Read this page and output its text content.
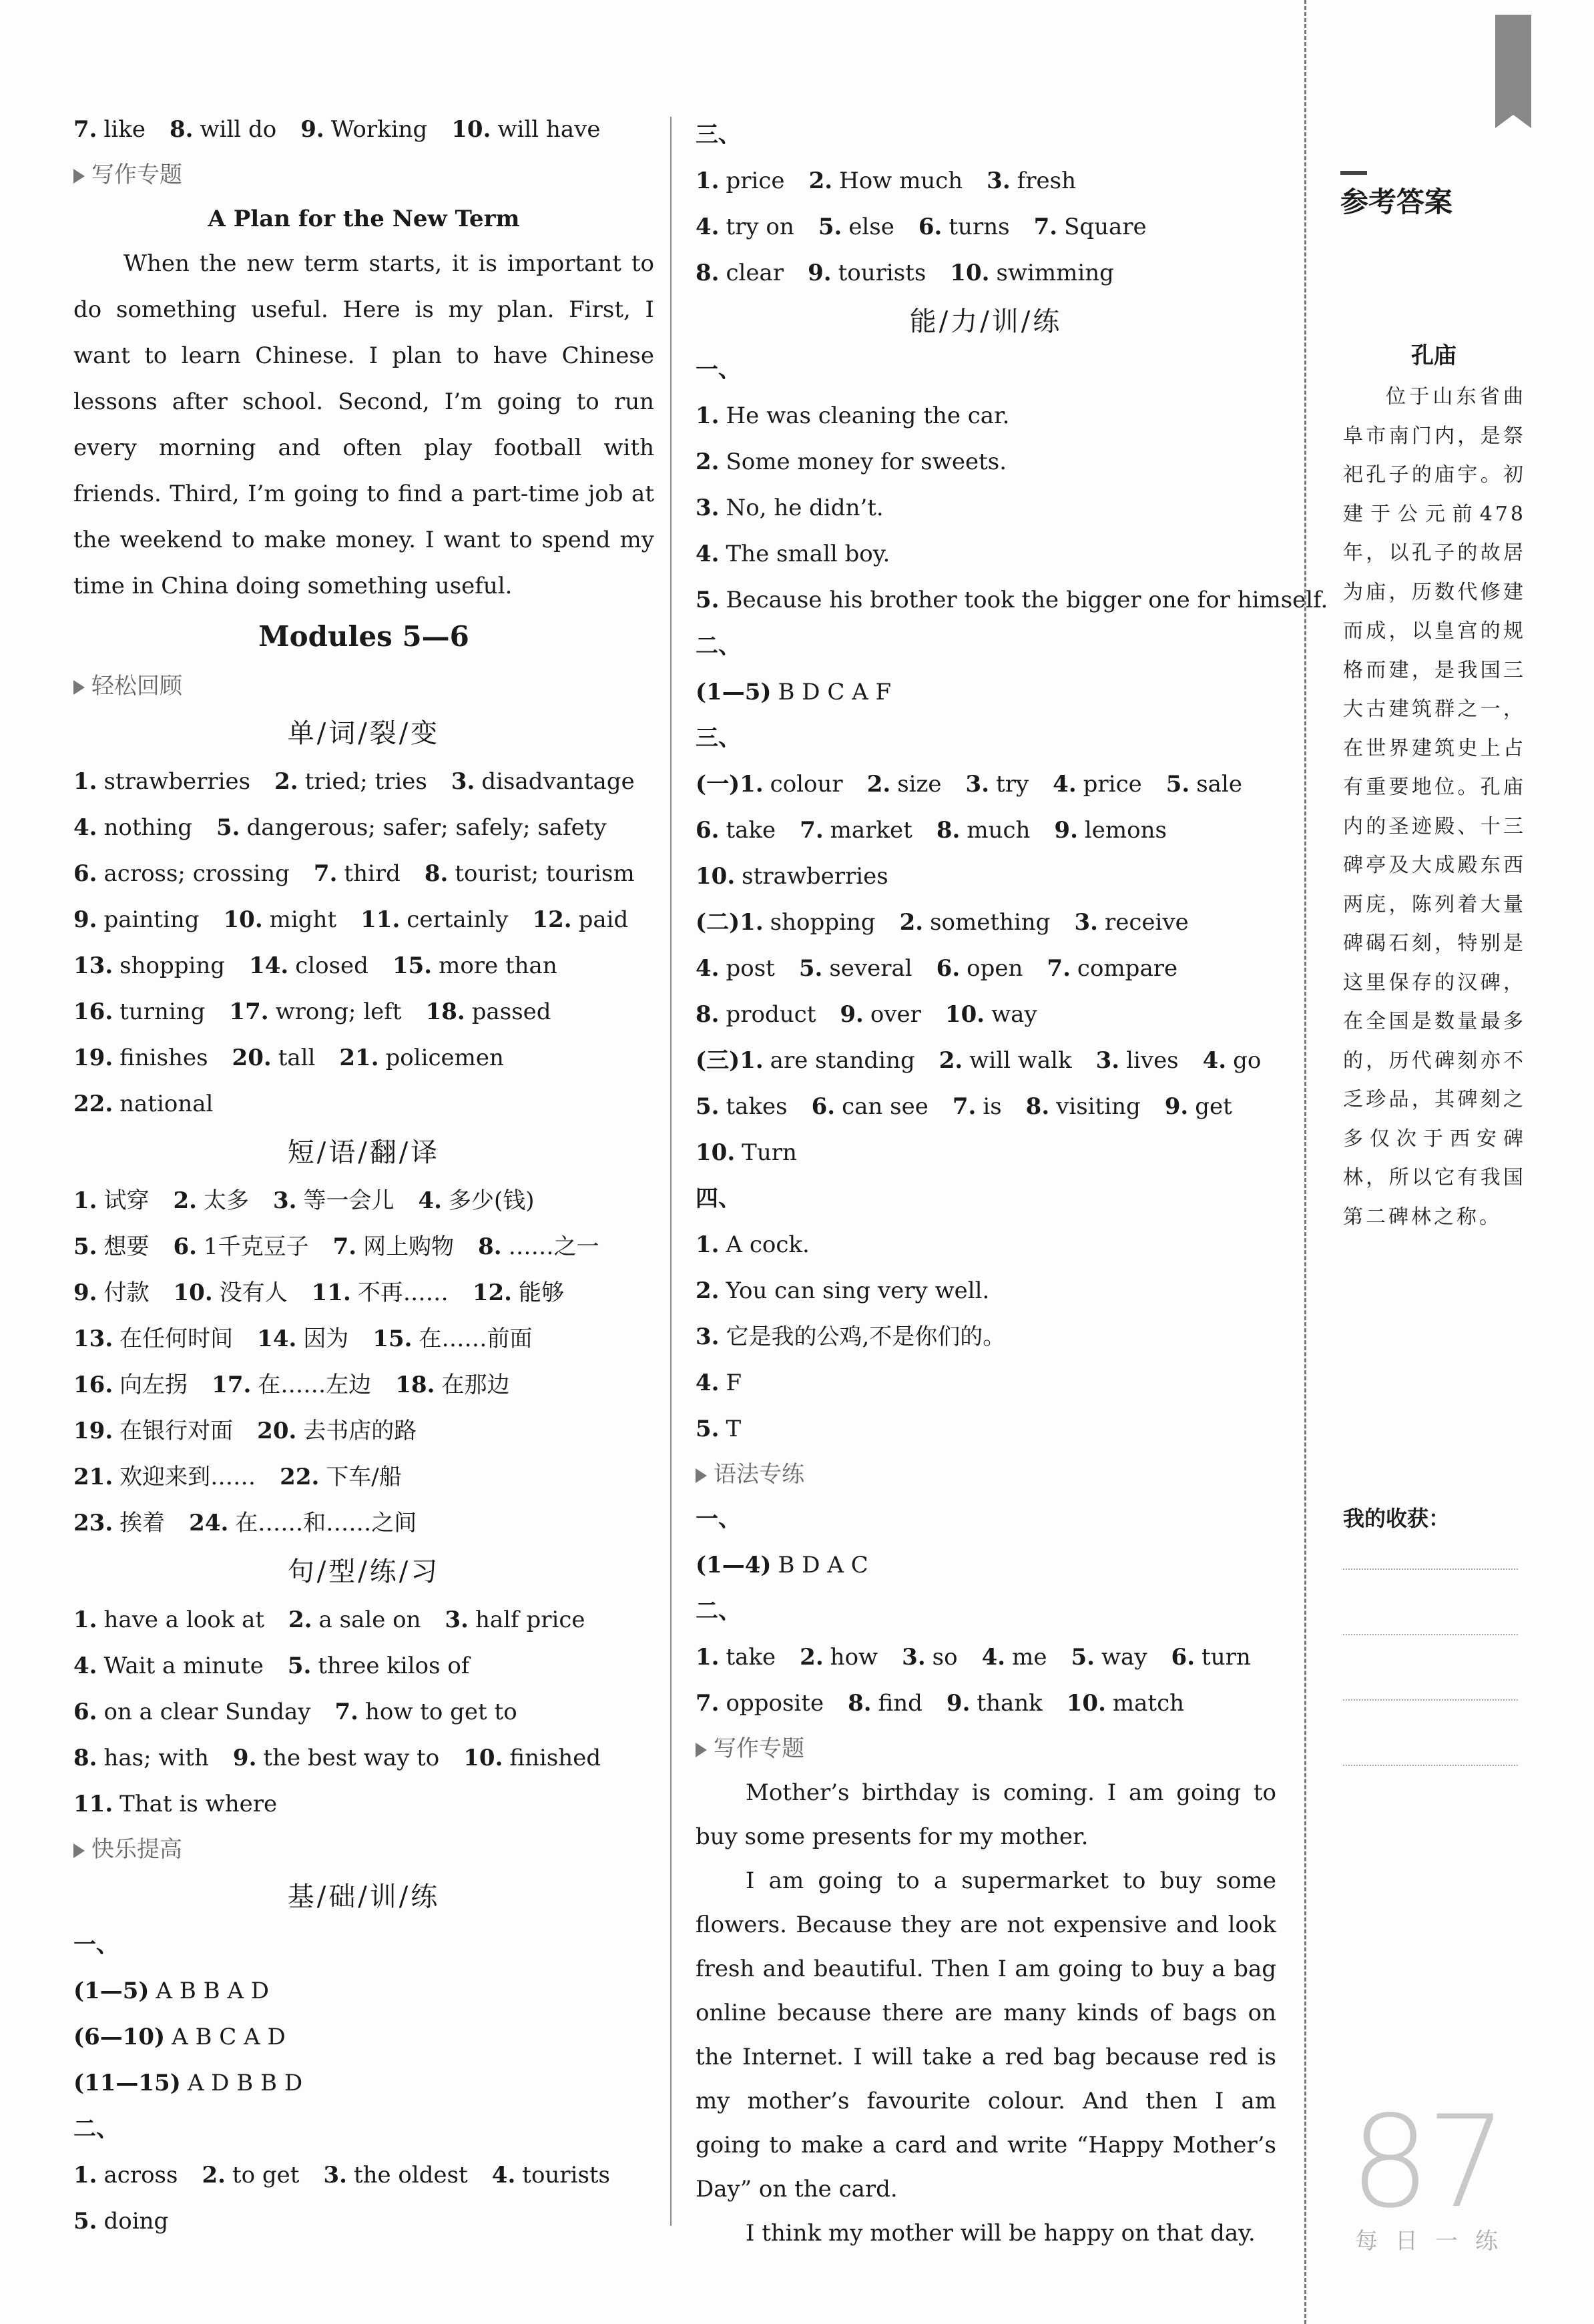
7. like 8. will do 9. Working 10. will have
写作专题
A Plan for the New Term

When the new term starts, it is important to do something useful. Here is my plan. First, I want to learn Chinese. I plan to have Chinese lessons after school. Second, I’m going to run every morning and often play football with friends. Third, I’m going to find a part-time job at the weekend to make money. I want to spend my time in China doing something useful.

Modules 5—6
轻松回顾
单/词/裂/变
1. strawberries 2. tried; tries 3. disadvantage
4. nothing 5. dangerous; safer; safely; safety
6. across; crossing 7. third 8. tourist; tourism
9. painting 10. might 11. certainly 12. paid
13. shopping 14. closed 15. more than
16. turning 17. wrong; left 18. passed
19. finishes 20. tall 21. policemen
22. national
短/语/翻/译
1. 试穿 2. 太多 3. 等一会儿 4. 多少(钱)
5. 想要 6. 1千克豆子 7. 网上购物 8. ……之一
9. 付款 10. 没有人 11. 不再…… 12. 能够
13. 在任何时间 14. 因为 15. 在……前面
16. 向左拐 17. 在……左边 18. 在那边
19. 在银行对面 20. 去书店的路
21. 欢迎来到…… 22. 下车/船
23. 挨着 24. 在……和……之间
句/型/练/习
1. have a look at 2. a sale on 3. half price
4. Wait a minute 5. three kilos of
6. on a clear Sunday 7. how to get to
8. has; with 9. the best way to 10. finished
11. That is where
快乐提高
基/础/训/练
一、
(1—5) A B B A D
(6—10) A B C A D
(11—15) A D B B D
二、
1. across 2. to get 3. the oldest 4. tourists
5. doing
三、
1. price 2. How much 3. fresh
4. try on 5. else 6. turns 7. Square
8. clear 9. tourists 10. swimming
能/力/训/练
一、
1. He was cleaning the car.
2. Some money for sweets.
3. No, he didn’t.
4. The small boy.
5. Because his brother took the bigger one for himself.
二、
(1—5) B D C A F
三、
(一)1. colour 2. size 3. try 4. price 5. sale
6. take 7. market 8. much 9. lemons
10. strawberries
(二)1. shopping 2. something 3. receive
4. post 5. several 6. open 7. compare
8. product 9. over 10. way
(三)1. are standing 2. will walk 3. lives 4. go
5. takes 6. can see 7. is 8. visiting 9. get
10. Turn
四、
1. A cock.
2. You can sing very well.
3. 它是我的公鸡,不是你们的。
4. F
5. T
语法专练
一、
(1—4) B D A C
二、
1. take 2. how 3. so 4. me 5. way 6. turn
7. opposite 8. find 9. thank 10. match
写作专题

Mother’s birthday is coming. I am going to buy some presents for my mother.

I am going to a supermarket to buy some flowers. Because they are not expensive and look fresh and beautiful. Then I am going to buy a bag online because there are many kinds of bags on the Internet. I will take a red bag because red is my mother’s favourite colour. And then I am going to make a card and write “Happy Mother’s Day” on the card.

I think my mother will be happy on that day.

参考答案
孔庙
位于山东省曲阜市南门内，是祭祀孔子的庙宇。初建于公元前478年，以孔子的故居为庙，历数代修建而成，以皇宫的规格而建，是我国三大古建筑群之一，在世界建筑史上占有重要地位。孔庙内的圣迹殿、十三碑亭及大成殿东西两庑，陈列着大量碑碣石刻，特别是这里保存的汉碑，在全国是数量最多的，历代碑刻亦不乏珍品，其碑刻之多仅次于西安碑林，所以它有我国第二碑林之称。
我的收获：
87
每日一练
